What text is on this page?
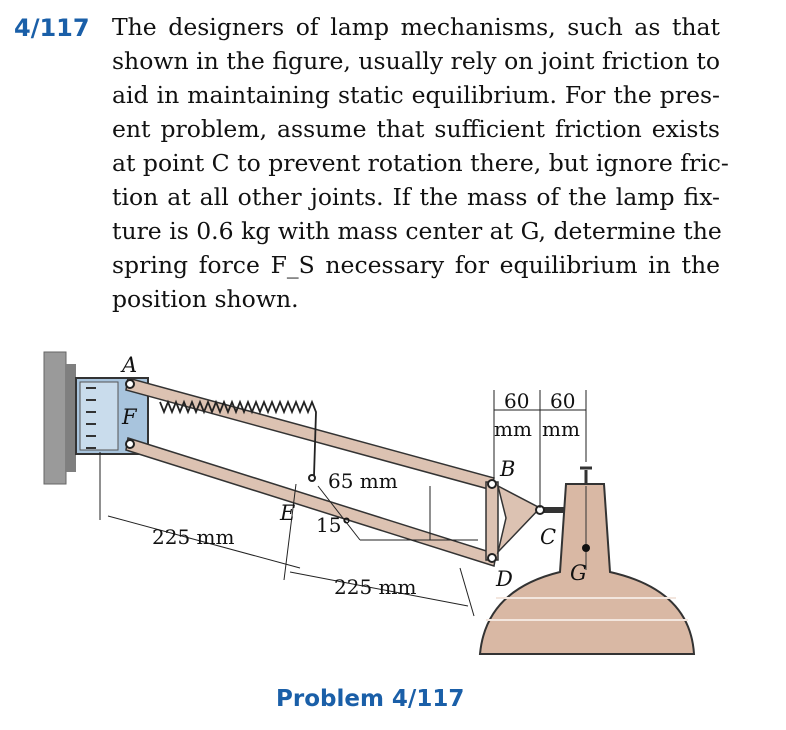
4/117 The designers of lamp mechanisms, such as that
shown in the figure, usually rely on joint friction to
aid in maintaining static equilibrium. For the pres-
ent problem, assume that sufficient friction exists
at point C to prevent rotation there, but ignore fric-
tion at all other joints. If the mass of the lamp fix-
ture is 0.6 kg with mass center at G, determine the
spring force F_S necessary for equilibrium in the
position shown.
A
F
E
B
C
D	G
225 mm
225 mm
65 mm
15°
60 60
mm mm
Problem 4/117
